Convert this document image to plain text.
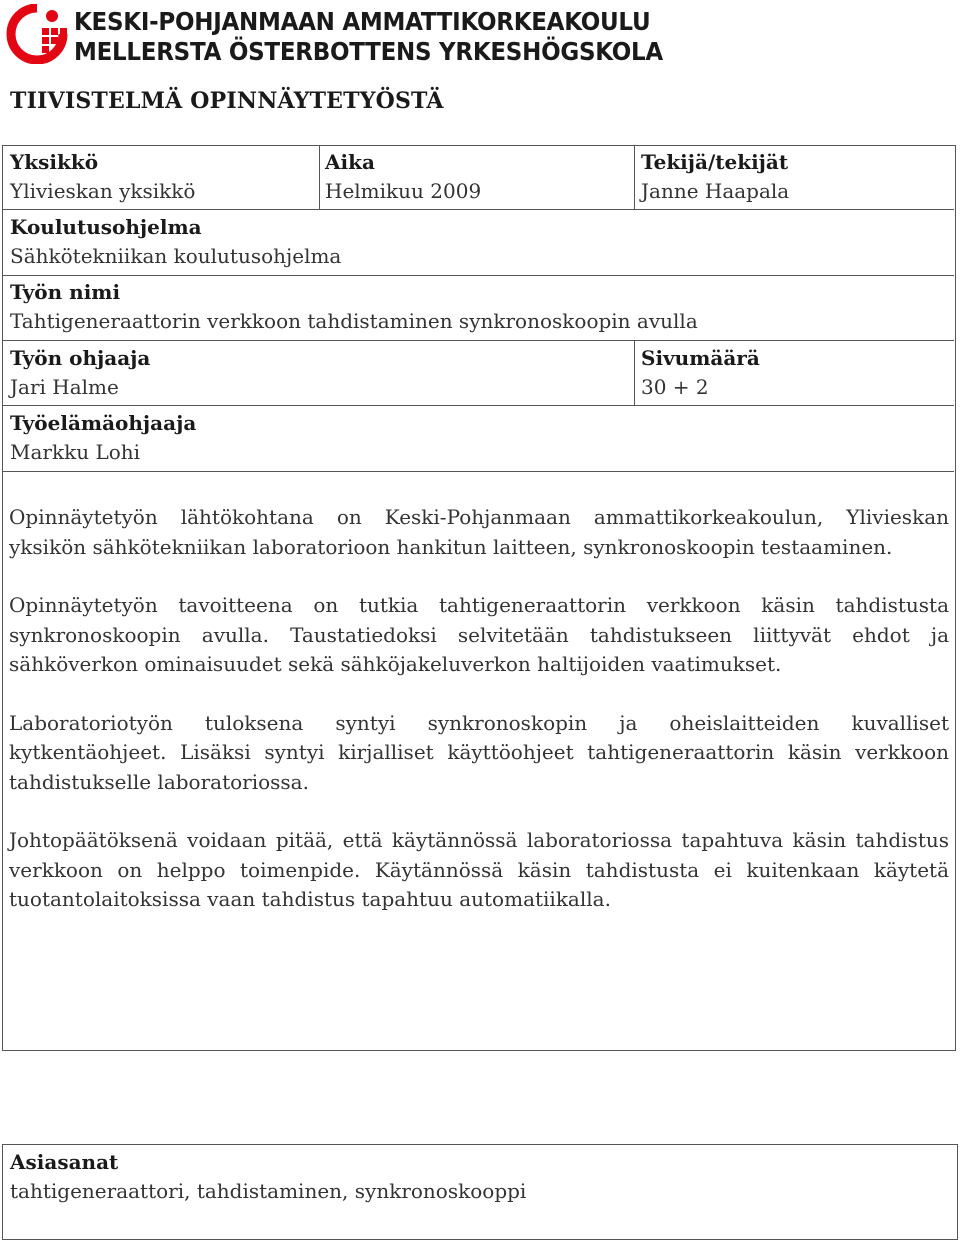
KESKI-POHJANMAAN AMMATTIKORKEAKOULU
MELLERSTA ÖSTERBOTTENS YRKESHÖGSKOLA
TIIVISTELMÄ OPINNÄYTETYÖSTÄ
Yksikkö
Ylivieskan yksikkö
Aika
Helmikuu 2009
Tekijä/tekijät
Janne Haapala
Koulutusohjelma
Sähkötekniikan koulutusohjelma
Työn nimi
Tahtigeneraattorin verkkoon tahdistaminen synkronoskoopin avulla
Työn ohjaaja
Jari Halme
Sivumäärä
30 + 2
Työelämäohjaaja
Markku Lohi

Opinnäytetyön lähtökohtana on Keski-Pohjanmaan ammattikorkeakoulun, Ylivieskan yksikön sähkötekniikan laboratorioon hankitun laitteen, synkronoskoopin testaaminen.

Opinnäytetyön tavoitteena on tutkia tahtigeneraattorin verkkoon käsin tahdistusta synkronoskoopin avulla. Taustatiedoksi selvitetään tahdistukseen liittyvät ehdot ja sähköverkon ominaisuudet sekä sähköjakeluverkon haltijoiden vaatimukset.

Laboratoriotyön tuloksena syntyi synkronoskopin ja oheislaitteiden kuvalliset kytkentäohjeet. Lisäksi syntyi kirjalliset käyttöohjeet tahtigeneraattorin käsin verkkoon tahdistukselle laboratoriossa.

Johtopäätöksenä voidaan pitää, että käytännössä laboratoriossa tapahtuva käsin tahdistus verkkoon on helppo toimenpide. Käytännössä käsin tahdistusta ei kuitenkaan käytetä tuotantolaitoksissa vaan tahdistus tapahtuu automatiikalla.

Asiasanat
tahtigeneraattori, tahdistaminen, synkronoskooppi
